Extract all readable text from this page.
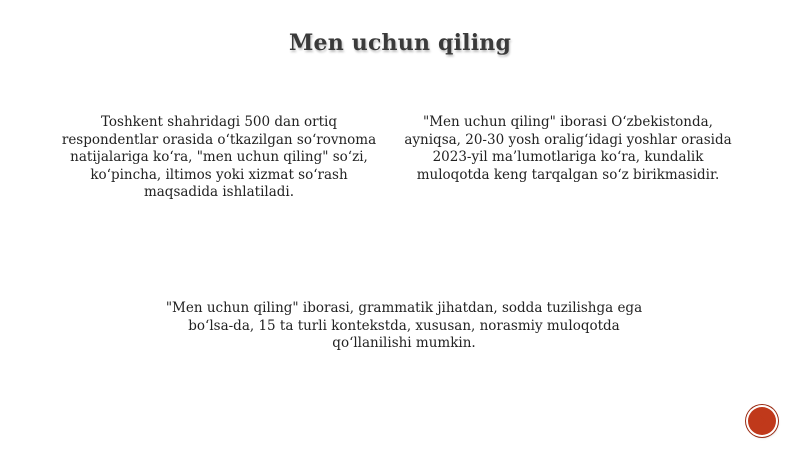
Men uchun qiling
Toshkent shahridagi 500 dan ortiq respondentlar orasida o‘tkazilgan so‘rovnoma natijalariga ko‘ra, "men uchun qiling" so‘zi, ko‘pincha, iltimos yoki xizmat so‘rash maqsadida ishlatiladi.
"Men uchun qiling" iborasi O‘zbekistonda, ayniqsa, 20-30 yosh oralig‘idagi yoshlar orasida 2023-yil ma’lumotlariga ko‘ra, kundalik muloqotda keng tarqalgan so‘z birikmasidir.
"Men uchun qiling" iborasi, grammatik jihatdan, sodda tuzilishga ega bo‘lsa-da, 15 ta turli kontekstda, xususan, norasmiy muloqotda qo‘llanilishi mumkin.
